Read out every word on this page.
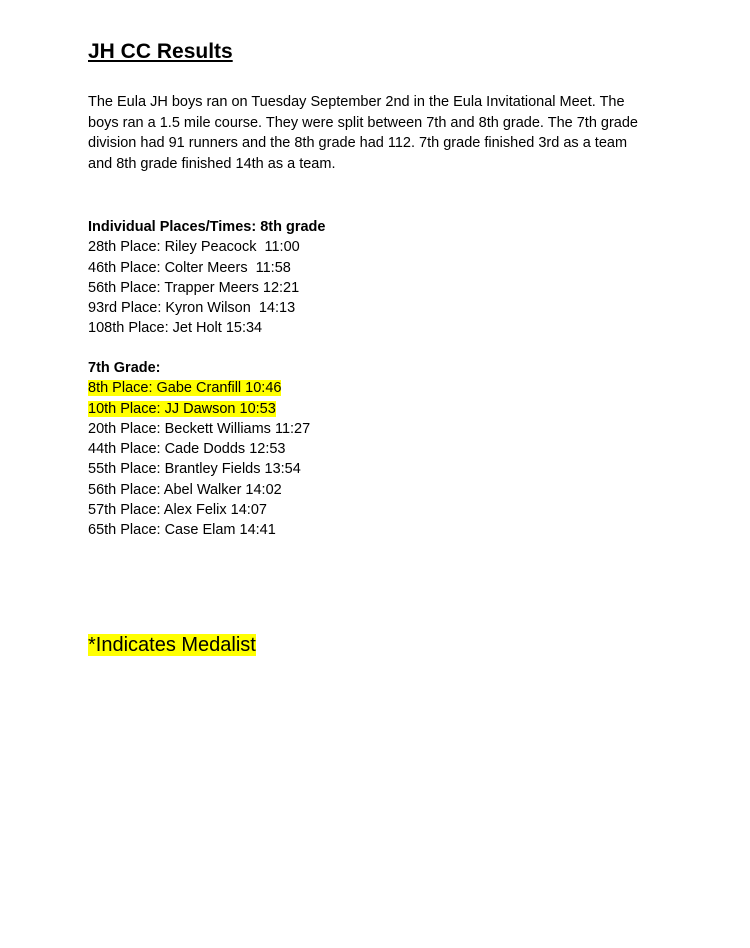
JH CC Results

The Eula JH boys ran on Tuesday September 2nd in the Eula Invitational Meet. The boys ran a 1.5 mile course. They were split between 7th and 8th grade. The 7th grade division had 91 runners and the 8th grade had 112. 7th grade finished 3rd as a team and 8th grade finished 14th as a team.

Individual Places/Times: 8th grade
28th Place: Riley Peacock  11:00
46th Place: Colter Meers  11:58
56th Place: Trapper Meers 12:21
93rd Place: Kyron Wilson  14:13
108th Place: Jet Holt 15:34
7th Grade:
8th Place: Gabe Cranfill 10:46
10th Place: JJ Dawson 10:53
20th Place: Beckett Williams 11:27
44th Place: Cade Dodds 12:53
55th Place: Brantley Fields 13:54
56th Place: Abel Walker 14:02
57th Place: Alex Felix 14:07
65th Place: Case Elam 14:41
*Indicates Medalist
